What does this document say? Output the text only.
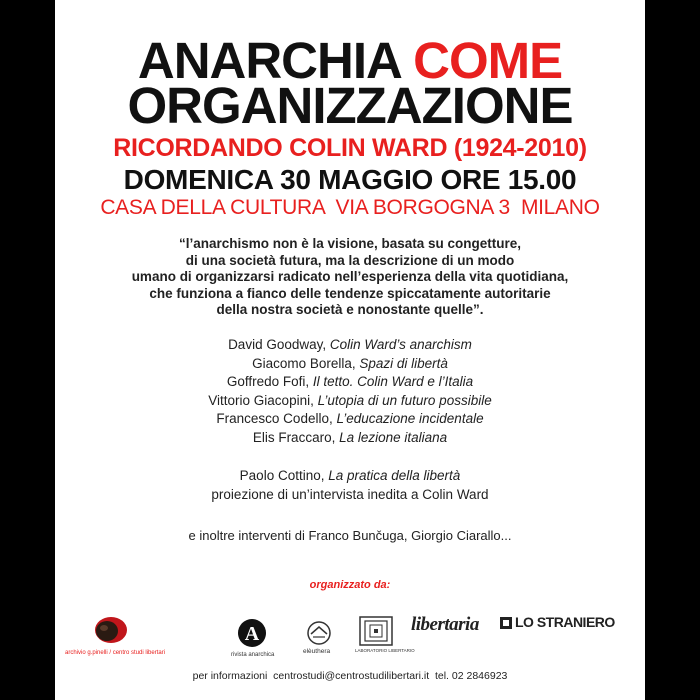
ANARCHIA COME
ORGANIZZAZIONE
RICORDANDO COLIN WARD (1924-2010)
DOMENICA 30 MAGGIO ORE 15.00
CASA DELLA CULTURA  VIA BORGOGNA 3  MILANO
“l’anarchismo non è la visione, basata su congetture,
di una società futura, ma la descrizione di un modo
umano di organizzarsi radicato nell’esperienza della vita quotidiana,
che funziona a fianco delle tendenze spiccatamente autoritarie
della nostra società e nonostante quelle”.
David Goodway, Colin Ward’s anarchism
Giacomo Borella, Spazi di libertà
Goffredo Fofi, Il tetto. Colin Ward e l’Italia
Vittorio Giacopini, L’utopia di un futuro possibile
Francesco Codello, L’educazione incidentale
Elis Fraccaro, La lezione italiana
Paolo Cottino, La pratica della libertà
proiezione di un’intervista inedita a Colin Ward
e inoltre interventi di Franco Bunčuga, Giorgio Ciarallo...
organizzato da:
archivio g.pinelli / centro studi libertari
A
rivista anarchica	elèuthera	LABORATORIO LIBERTARIO
libertaria	LO STRANIERO
per informazioni  centrostudi@centrostudilibertari.it  tel. 02 2846923
